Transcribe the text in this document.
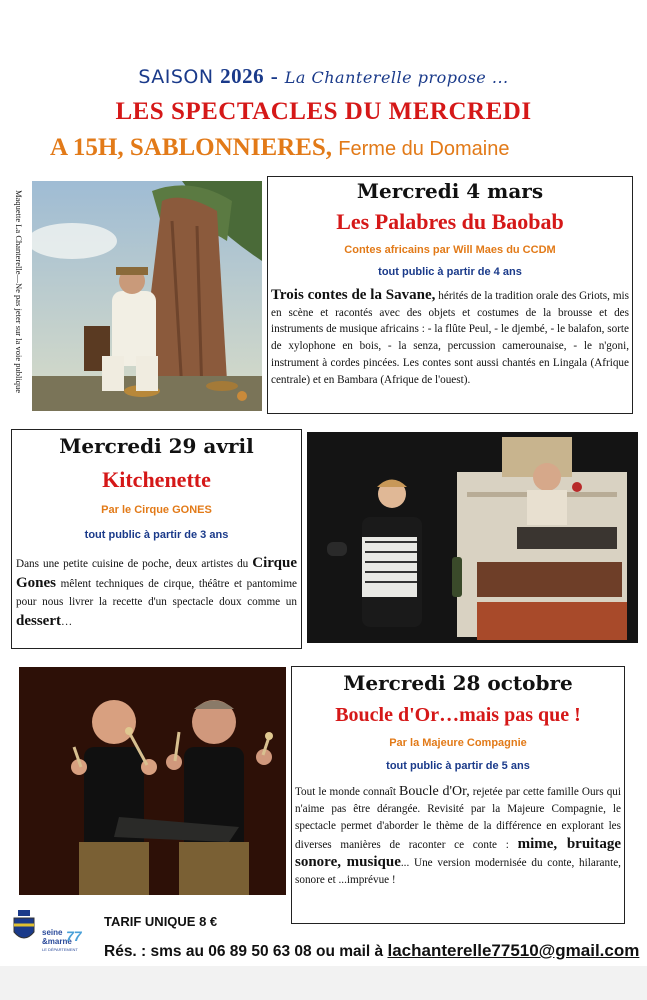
SAISON 2026 - La Chanterelle propose ...
LES SPECTACLES DU MERCREDI
A 15H, SABLONNIERES, Ferme du Domaine
Maquette La Chanterelle—Ne pas jeter sur la voie publique	Mercredi 4 mars
Les Palabres du Baobab
Contes africains par Will Maes du CCDM
tout public à partir de 4 ans
Trois contes de la Savane, hérités de la tradition orale des Griots, mis en scène et racontés avec des objets et costumes de la brousse et des instruments de musique africains : - la flûte Peul, - le djembé, - le balafon, sorte de xylophone en bois, - la senza, percussion camerounaise, - le n'goni, instrument à cordes pincées. Les contes sont aussi chantés en Lingala (Afrique centrale) et en Bambara (Afrique de l'ouest).
Mercredi 29 avril
Kitchenette
Par le Cirque GONES
tout public à partir de 3 ans
Dans une petite cuisine de poche, deux artistes du Cirque Gones mêlent techniques de cirque, théâtre et pantomime pour nous livrer la recette d'un spectacle doux comme un dessert…
Mercredi 28 octobre
Boucle d'Or…mais pas que !
Par la Majeure Compagnie
tout public à partir de 5 ans
Tout le monde connaît Boucle d'Or, rejetée par cette famille Ours qui n'aime pas être dérangée. Revisité par la Majeure Compagnie, le spectacle permet d'aborder le thème de la différence en explorant les diverses manières de raconter ce conte : mime, bruitage sonore, musique... Une version modernisée du conte, hilarante, sonore et ...imprévue !
seine
&marne
77
LE DÉPARTEMENT
TARIF UNIQUE 8 €
Rés. : sms au 06 89 50 63 08 ou mail à lachanterelle77510@gmail.com
